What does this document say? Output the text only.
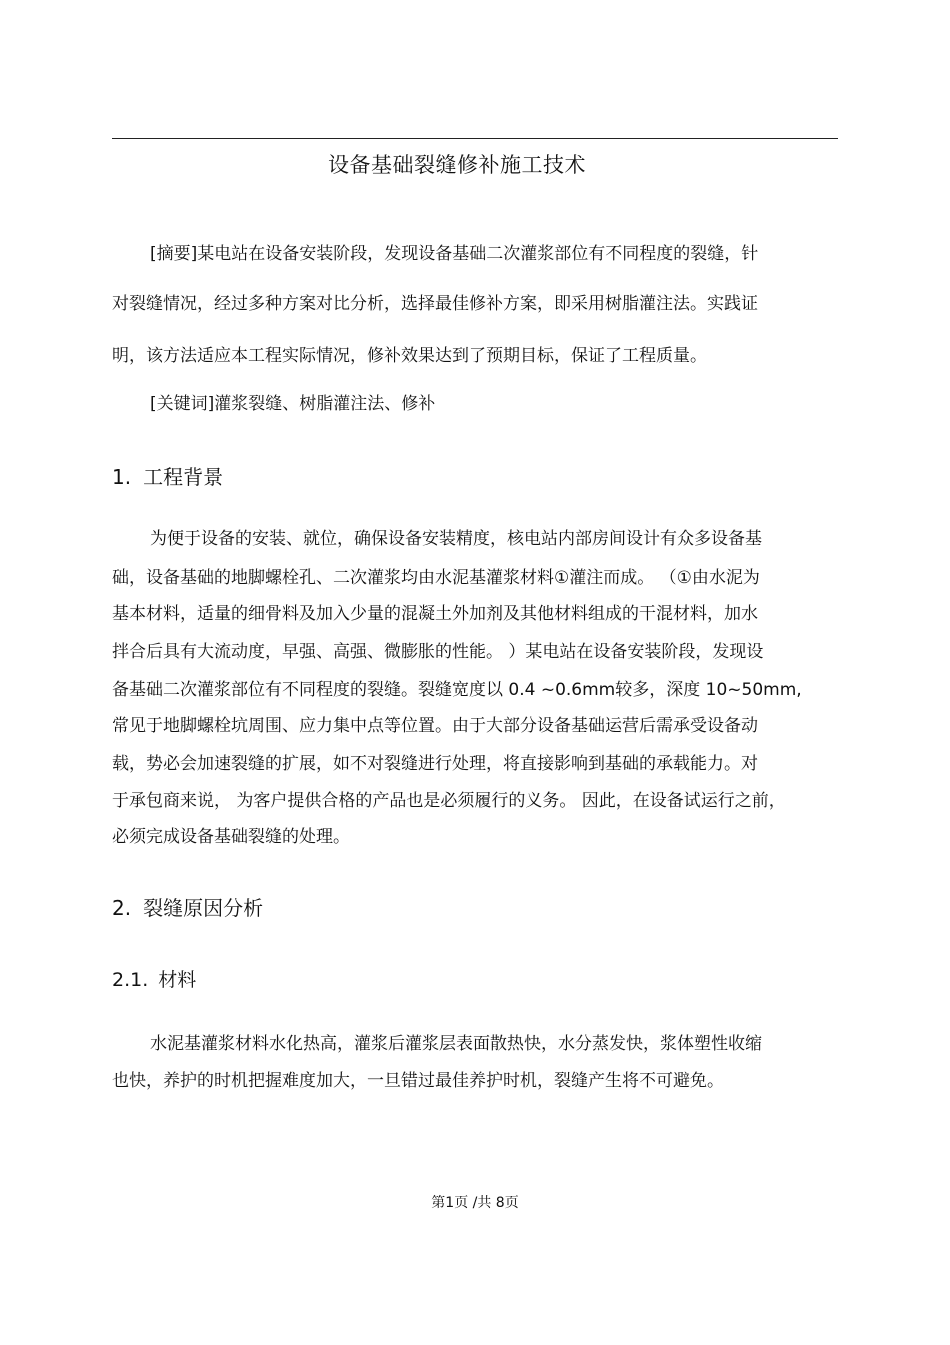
设备基础裂缝修补施工技术
[摘要]某电站在设备安装阶段，发现设备基础二次灌浆部位有不同程度的裂缝，针
对裂缝情况，经过多种方案对比分析，选择最佳修补方案，即采用树脂灌注法。实践证
明，该方法适应本工程实际情况，修补效果达到了预期目标，保证了工程质量。
[关键词]灌浆裂缝、树脂灌注法、修补
1. 工程背景
为便于设备的安装、就位，确保设备安装精度，核电站内部房间设计有众多设备基
础，设备基础的地脚螺栓孔、二次灌浆均由水泥基灌浆材料①灌注而成。 （①由水泥为
基本材料，适量的细骨料及加入少量的混凝土外加剂及其他材料组成的干混材料，加水
拌合后具有大流动度，早强、高强、微膨胀的性能。 ）某电站在设备安装阶段，发现设
备基础二次灌浆部位有不同程度的裂缝。裂缝宽度以 0.4 ~0.6mm较多，深度 10~50mm,
常见于地脚螺栓坑周围、应力集中点等位置。由于大部分设备基础运营后需承受设备动
载，势必会加速裂缝的扩展，如不对裂缝进行处理，将直接影响到基础的承载能力。对
于承包商来说， 为客户提供合格的产品也是必须履行的义务。 因此，在设备试运行之前，
必须完成设备基础裂缝的处理。
2. 裂缝原因分析
2.1. 材料
水泥基灌浆材料水化热高，灌浆后灌浆层表面散热快，水分蒸发快，浆体塑性收缩
也快，养护的时机把握难度加大，一旦错过最佳养护时机，裂缝产生将不可避免。
第1页 /共 8页
